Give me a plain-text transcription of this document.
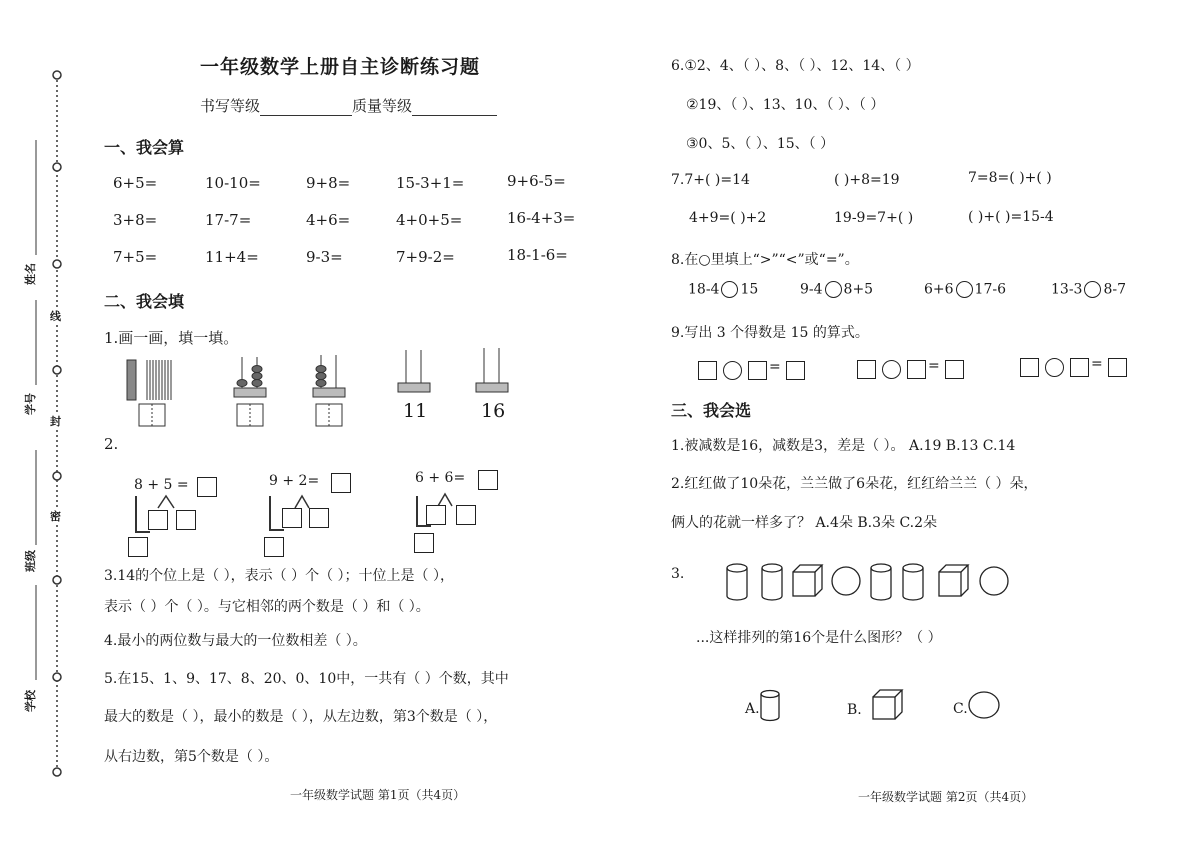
姓名
学号
班级
学校
线
封
密
一年级数学上册自主诊断练习题
书写等级	质量等级
一、我会算
6+5=	10-10=	9+8=	15-3+1=	9+6-5=
3+8=	17-7=	4+6=	4+0+5=	16-4+3=
7+5=	11+4=	9-3=	7+9-2=	18-1-6=
二、我会填
1.画一画，填一填。
11	16
2.
8 + 5 =	9 + 2=	6 + 6=
3.14的个位上是（ ），表示（ ）个（ ）；十位上是（ ），
表示（ ）个（ ）。与它相邻的两个数是（ ）和（ ）。
4.最小的两位数与最大的一位数相差（ ）。
5.在15、1、9、17、8、20、0、10中，一共有（ ）个数，其中
最大的数是（ ），最小的数是（ ），从左边数，第3个数是（ ），
从右边数，第5个数是（ ）。
一年级数学试题 第1页（共4页）
6.①2、4、（ ）、8、（ ）、12、14、（ ）
②19、（ ）、13、10、（ ）、（ ）
③0、5、（ ）、15、（ ）
7.7+( )=14	( )+8=19	7=8=( )+( )
4+9=( )+2	19-9=7+( )	( )+( )=15-4
8.在○里填上“>”“<”或“=”。
18-4 15	9-4 8+5	6+6 17-6	13-3 8-7
9.写出 3 个得数是 15 的算式。
=	=	=
三、我会选
1.被减数是16，减数是3，差是（ ）。 A.19 B.13 C.14
2.红红做了10朵花，兰兰做了6朵花，红红给兰兰（ ）朵，
俩人的花就一样多了？ A.4朵 B.3朵 C.2朵
3.
...这样排列的第16个是什么图形？（ ）
A.	B.	C.
一年级数学试题 第2页（共4页）
